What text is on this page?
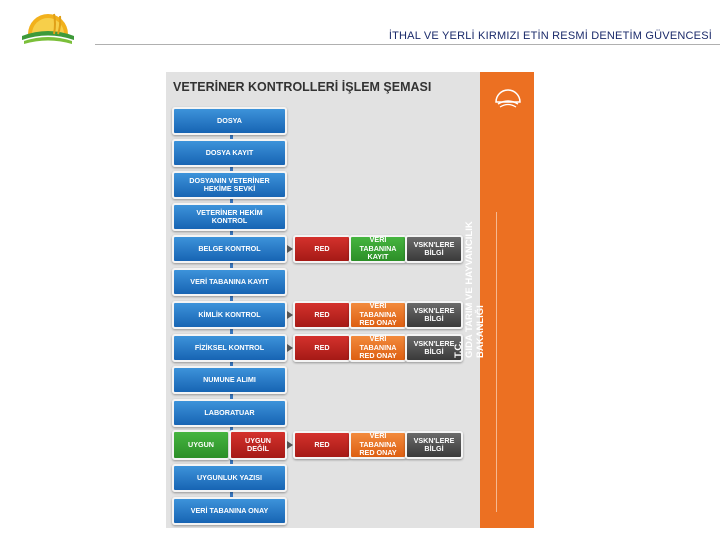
İTHAL VE YERLİ KIRMIZI ETİN RESMİ DENETİM GÜVENCESİ
VETERİNER KONTROLLERİ İŞLEM ŞEMASI
DOSYA
DOSYA KAYIT
DOSYANIN VETERİNER
HEKİME SEVKİ
VETERİNER HEKİM
KONTROL
BELGE KONTROL
VERİ TABANINA KAYIT
KİMLİK KONTROL
FİZİKSEL KONTROL
NUMUNE ALIMI
LABORATUAR
UYGUN	UYGUN
DEĞİL
UYGUNLUK YAZISI
VERİ TABANINA ONAY
RED
VERİ TABANINA
KAYIT
VSKN'LERE
BİLGİ
RED
VERİ TABANINA
RED ONAY
VSKN'LERE
BİLGİ
RED
VERİ TABANINA
RED ONAY
VSKN'LERE
BİLGİ
RED
VERİ TABANINA
RED ONAY
VSKN'LERE
BİLGİ
T.C.
GIDA TARIM VE HAYVANCILIK
BAKANLIĞI
